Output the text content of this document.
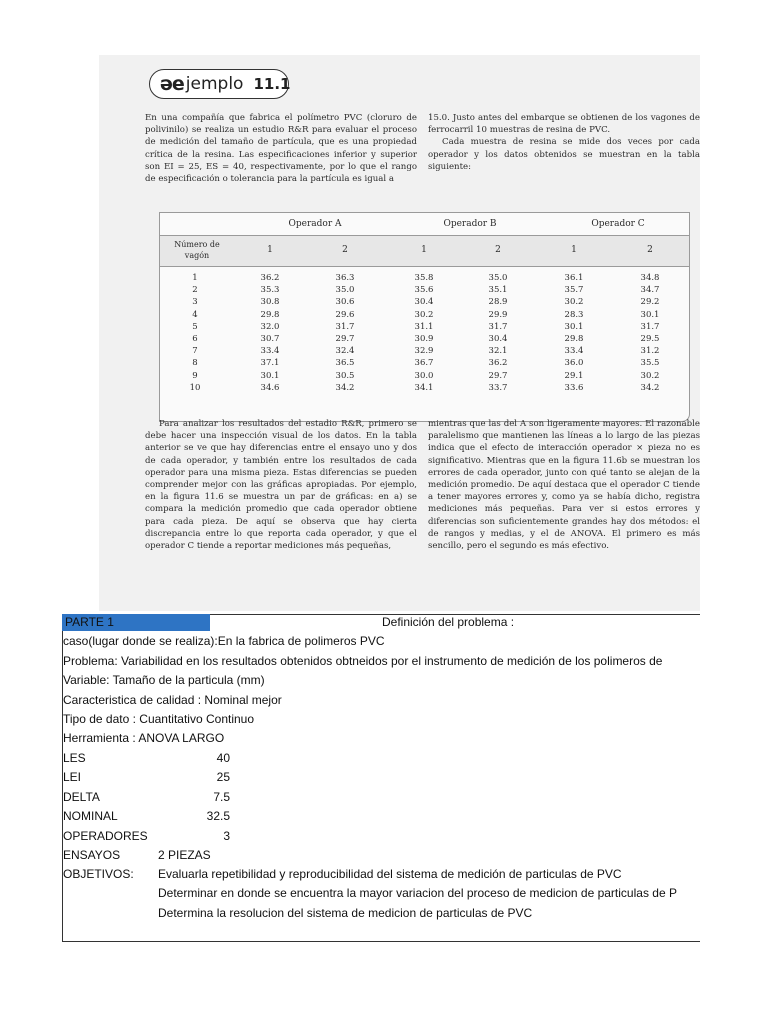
əe jemplo 11.1

En una compañía que fabrica el polímetro PVC (cloruro de polivinilo) se realiza un estudio R&R para evaluar el proceso de medición del tamaño de partícula, que es una propiedad crítica de la resina. Las especificaciones inferior y superior son EI = 25, ES = 40, respectivamente, por lo que el rango de especificación o tolerancia para la partícula es igual a

15.0. Justo antes del embarque se obtienen de los vagones de ferrocarril 10 muestras de resina de PVC.

Cada muestra de resina se mide dos veces por cada operador y los datos obtenidos se muestran en la tabla siguiente:

Operador A	Operador B	Operador C
Número de vagón
1	2	1	2	1	2
1	36.2	36.3	35.8	35.0	36.1	34.8
2	35.3	35.0	35.6	35.1	35.7	34.7
3	30.8	30.6	30.4	28.9	30.2	29.2
4	29.8	29.6	30.2	29.9	28.3	30.1
5	32.0	31.7	31.1	31.7	30.1	31.7
6	30.7	29.7	30.9	30.4	29.8	29.5
7	33.4	32.4	32.9	32.1	33.4	31.2
8	37.1	36.5	36.7	36.2	36.0	35.5
9	30.1	30.5	30.0	29.7	29.1	30.2
10	34.6	34.2	34.1	33.7	33.6	34.2

Para analizar los resultados del estadio R&R, primero se debe hacer una inspección visual de los datos. En la tabla anterior se ve que hay diferencias entre el ensayo uno y dos de cada operador, y también entre los resultados de cada operador para una misma pieza. Estas diferencias se pueden comprender mejor con las gráficas apropiadas. Por ejemplo, en la figura 11.6 se muestra un par de gráficas: en a) se compara la medición promedio que cada operador obtiene para cada pieza. De aquí se observa que hay cierta discrepancia entre lo que reporta cada operador, y que el operador C tiende a reportar mediciones más pequeñas,

mientras que las del A son ligeramente mayores. El razonable paralelismo que mantienen las líneas a lo largo de las piezas indica que el efecto de interacción operador × pieza no es significativo. Mientras que en la figura 11.6b se muestran los errores de cada operador, junto con qué tanto se alejan de la medición promedio. De aquí destaca que el operador C tiende a tener mayores errores y, como ya se había dicho, registra mediciones más pequeñas. Para ver si estos errores y diferencias son suficientemente grandes hay dos métodos: el de rangos y medias, y el de ANOVA. El primero es más sencillo, pero el segundo es más efectivo.

PARTE 1	Definición del problema :
caso(lugar donde se realiza):En la fabrica de polimeros PVC
Problema: Variabilidad en los resultados obtenidos obtneidos por el instrumento de medición de los polimeros de
Variable: Tamaño de la particula (mm)
Caracteristica de calidad : Nominal mejor
Tipo de dato : Cuantitativo Continuo
Herramienta : ANOVA LARGO
LES	40
LEI	25
DELTA	7.5
NOMINAL	32.5
OPERADORES	3
ENSAYOS	2 PIEZAS
OBJETIVOS: Evaluarla repetibilidad y reproducibilidad del sistema de medición de particulas de PVC
Determinar en donde se encuentra la mayor variacion del proceso de medicion de particulas de P
Determina la resolucion del sistema de medicion de particulas de PVC
